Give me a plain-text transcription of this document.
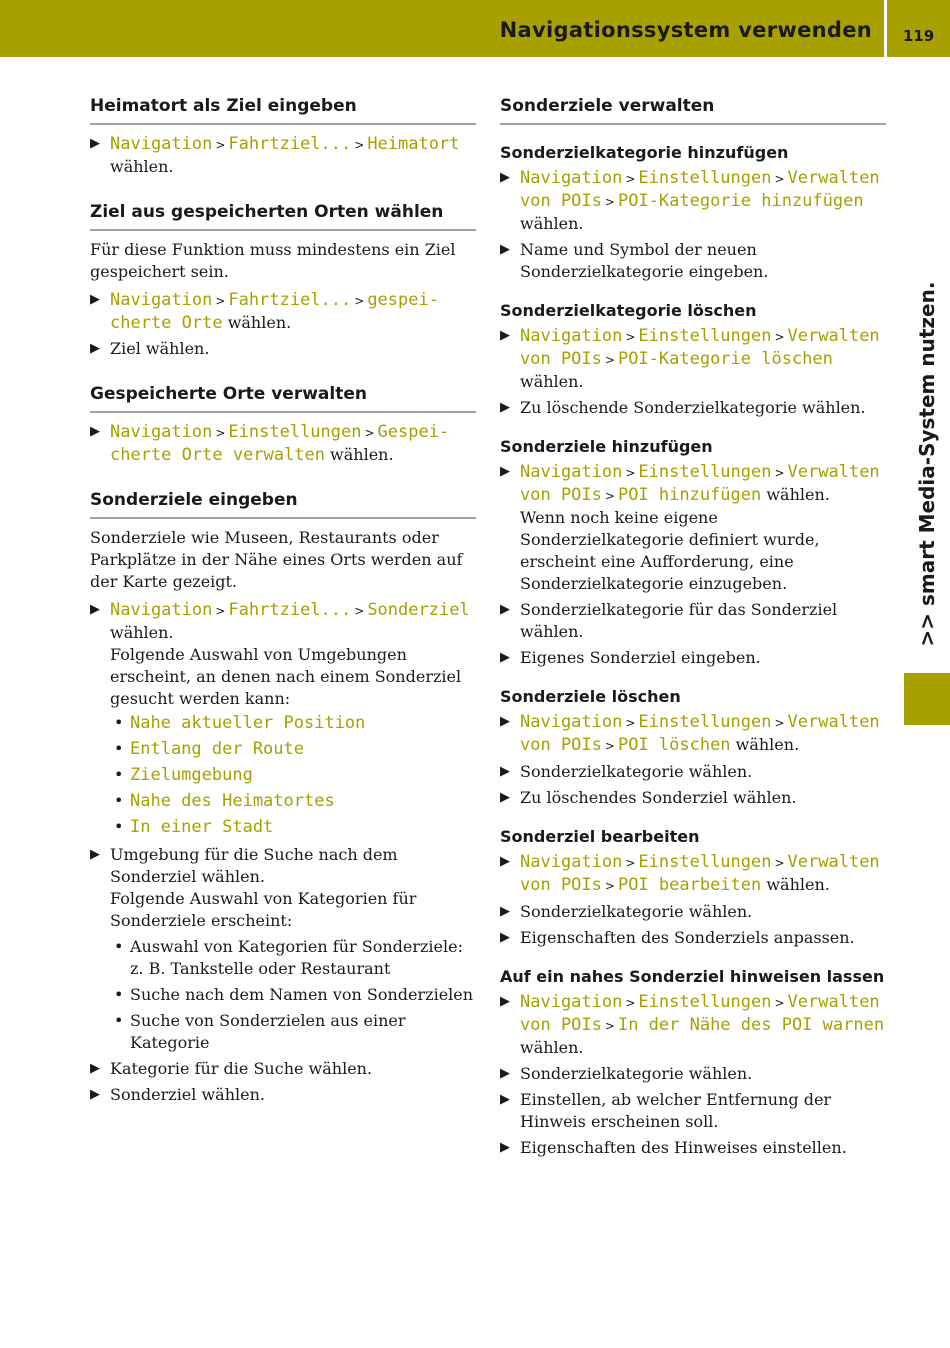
Navigationssystem verwenden	119
>> smart Media-System nutzen.
Heimatort als Ziel eingeben
▶ Navigation > Fahrtziel... > Heimatort
wählen.
Ziel aus gespeicherten Orten wählen

Für diese Funktion muss mindestens ein Ziel gespeichert sein.

▶ Navigation > Fahrtziel... > gespei-
cherte Orte wählen.
▶ Ziel wählen.
Gespeicherte Orte verwalten
▶ Navigation > Einstellungen > Gespei-
cherte Orte verwalten wählen.
Sonderziele eingeben

Sonderziele wie Museen, Restaurants oder Parkplätze in der Nähe eines Orts werden auf der Karte gezeigt.

▶ Navigation > Fahrtziel... > Sonderziel
wählen.
Folgende Auswahl von Umgebungen erscheint, an denen nach einem Sonderziel gesucht werden kann:
• Nahe aktueller Position
• Entlang der Route
• Zielumgebung
• Nahe des Heimatortes
• In einer Stadt
▶ Umgebung für die Suche nach dem Sonderziel wählen.
Folgende Auswahl von Kategorien für Sonderziele erscheint:
• Auswahl von Kategorien für Sonderziele: z. B. Tankstelle oder Restaurant
• Suche nach dem Namen von Sonderzielen
• Suche von Sonderzielen aus einer Kategorie
▶ Kategorie für die Suche wählen.
▶ Sonderziel wählen.
Sonderziele verwalten
Sonderzielkategorie hinzufügen
▶ Navigation > Einstellungen > Verwalten
von POIs > POI-Kategorie hinzufügen
wählen.
▶ Name und Symbol der neuen Sonderzielkategorie eingeben.
Sonderzielkategorie löschen
▶ Navigation > Einstellungen > Verwalten
von POIs > POI-Kategorie löschen wählen.
▶ Zu löschende Sonderzielkategorie wählen.
Sonderziele hinzufügen
▶ Navigation > Einstellungen > Verwalten
von POIs > POI hinzufügen wählen.
Wenn noch keine eigene Sonderzielkategorie definiert wurde, erscheint eine Aufforderung, eine Sonderzielkategorie einzugeben.
▶ Sonderzielkategorie für das Sonderziel wählen.
▶ Eigenes Sonderziel eingeben.
Sonderziele löschen
▶ Navigation > Einstellungen > Verwalten
von POIs > POI löschen wählen.
▶ Sonderzielkategorie wählen.
▶ Zu löschendes Sonderziel wählen.
Sonderziel bearbeiten
▶ Navigation > Einstellungen > Verwalten
von POIs > POI bearbeiten wählen.
▶ Sonderzielkategorie wählen.
▶ Eigenschaften des Sonderziels anpassen.
Auf ein nahes Sonderziel hinweisen lassen
▶ Navigation > Einstellungen > Verwalten
von POIs > In der Nähe des POI warnen
wählen.
▶ Sonderzielkategorie wählen.
▶ Einstellen, ab welcher Entfernung der Hinweis erscheinen soll.
▶ Eigenschaften des Hinweises einstellen.
